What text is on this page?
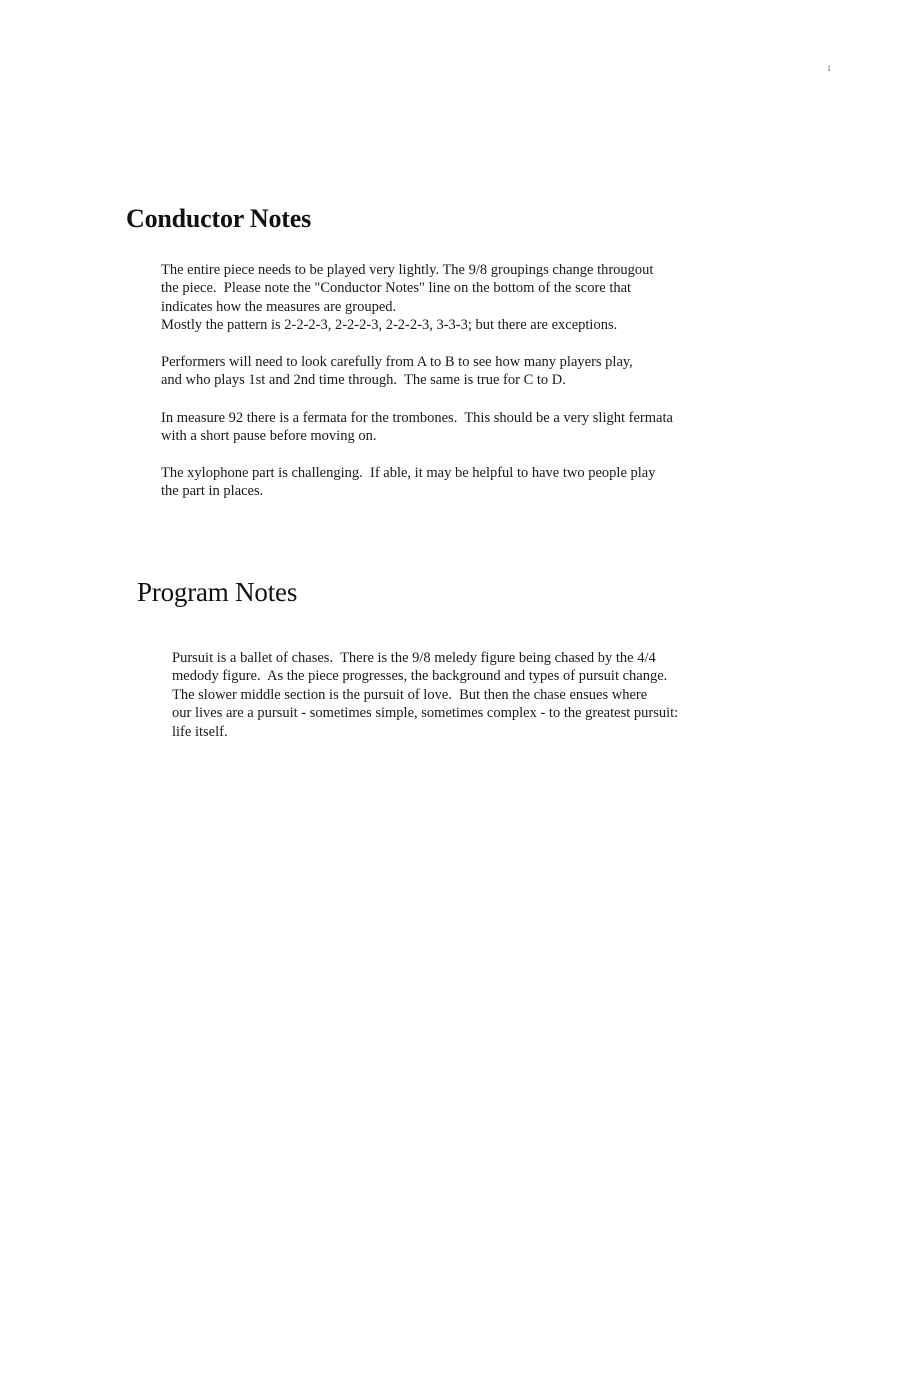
1
Conductor Notes

The entire piece needs to be played very lightly. The 9/8 groupings change througout
the piece.  Please note the "Conductor Notes" line on the bottom of the score that
indicates how the measures are grouped.
Mostly the pattern is 2-2-2-3, 2-2-2-3, 2-2-2-3, 3-3-3; but there are exceptions.

Performers will need to look carefully from A to B to see how many players play,
and who plays 1st and 2nd time through.  The same is true for C to D.

In measure 92 there is a fermata for the trombones.  This should be a very slight fermata
with a short pause before moving on.

The xylophone part is challenging.  If able, it may be helpful to have two people play
the part in places.

Program Notes

Pursuit is a ballet of chases.  There is the 9/8 meledy figure being chased by the 4/4
medody figure.  As the piece progresses, the background and types of pursuit change.
The slower middle section is the pursuit of love.  But then the chase ensues where
our lives are a pursuit - sometimes simple, sometimes complex - to the greatest pursuit:
life itself.
